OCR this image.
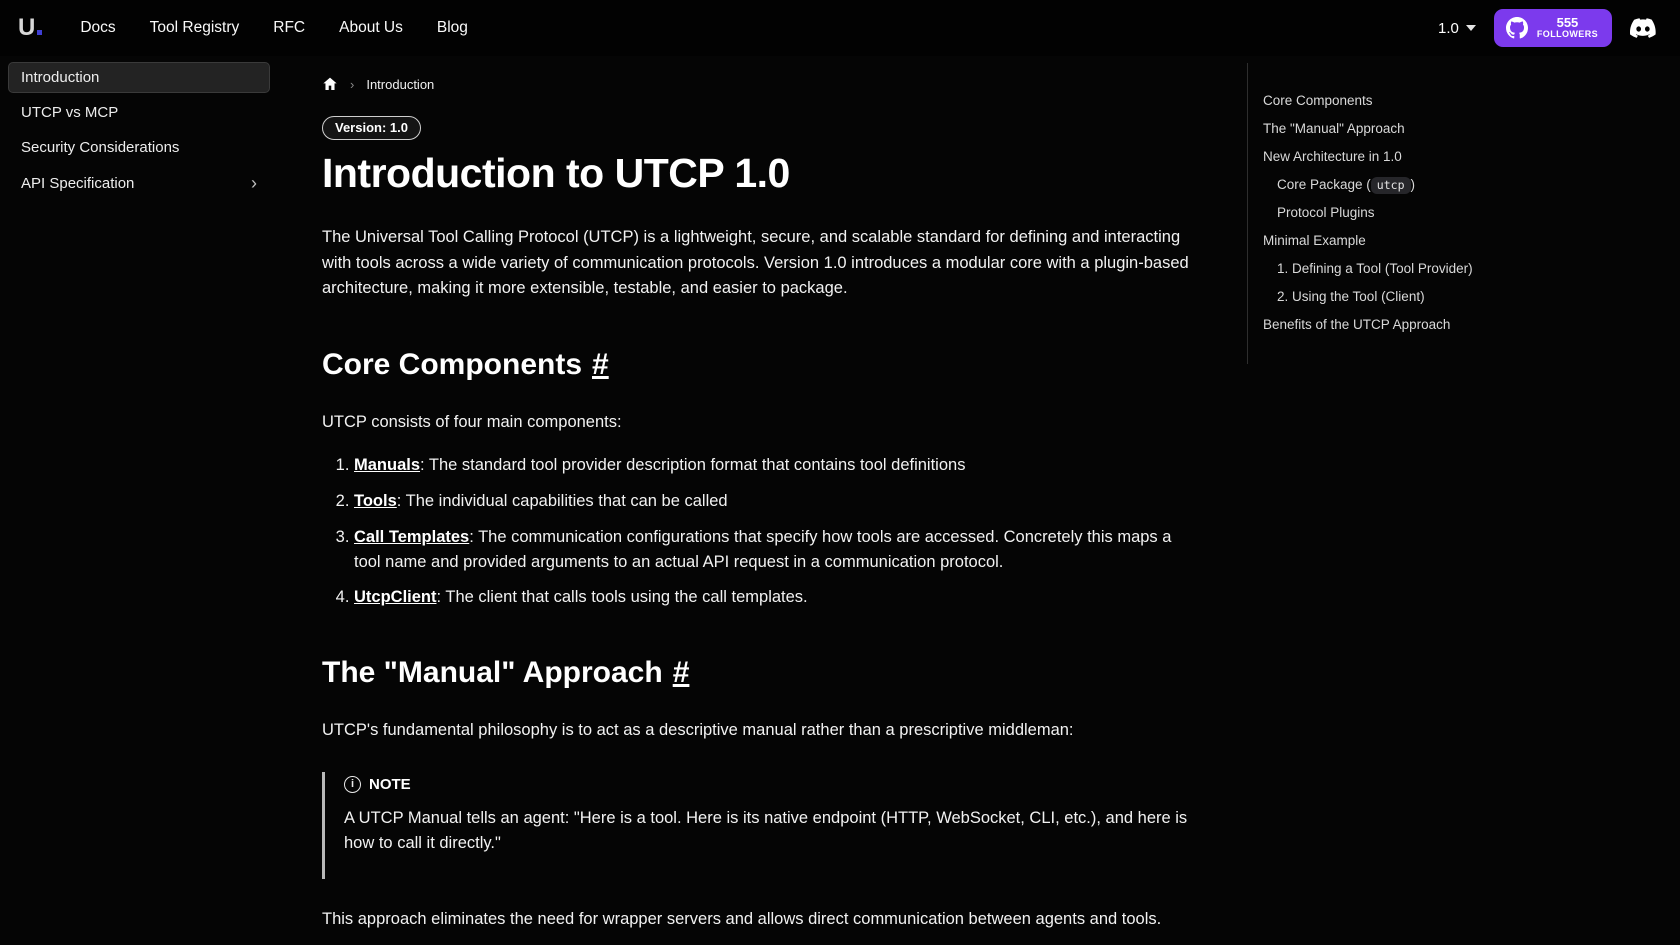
U	Docs Tool Registry RFC About Us Blog	1.0	555
FOLLOWERS
Introduction
UTCP vs MCP
Security Considerations
API Specification	›
› Introduction
Version: 1.0
Introduction to UTCP 1.0

The Universal Tool Calling Protocol (UTCP) is a lightweight, secure, and scalable standard for defining and interacting with tools across a wide variety of communication protocols. Version 1.0 introduces a modular core with a plugin-based architecture, making it more extensible, testable, and easier to package.

Core Components #

UTCP consists of four main components:

1. Manuals: The standard tool provider description format that contains tool definitions
2. Tools: The individual capabilities that can be called
3. Call Templates: The communication configurations that specify how tools are accessed. Concretely this maps a tool name and provided arguments to an actual API request in a communication protocol.
4. UtcpClient: The client that calls tools using the call templates.
The "Manual" Approach #

UTCP's fundamental philosophy is to act as a descriptive manual rather than a prescriptive middleman:

i NOTE

A UTCP Manual tells an agent: "Here is a tool. Here is its native endpoint (HTTP, WebSocket, CLI, etc.), and here is how to call it directly."

This approach eliminates the need for wrapper servers and allows direct communication between agents and tools.

Core Components
The "Manual" Approach
New Architecture in 1.0
Core Package ( utcp )
Protocol Plugins
Minimal Example
1. Defining a Tool (Tool Provider)
2. Using the Tool (Client)
Benefits of the UTCP Approach
